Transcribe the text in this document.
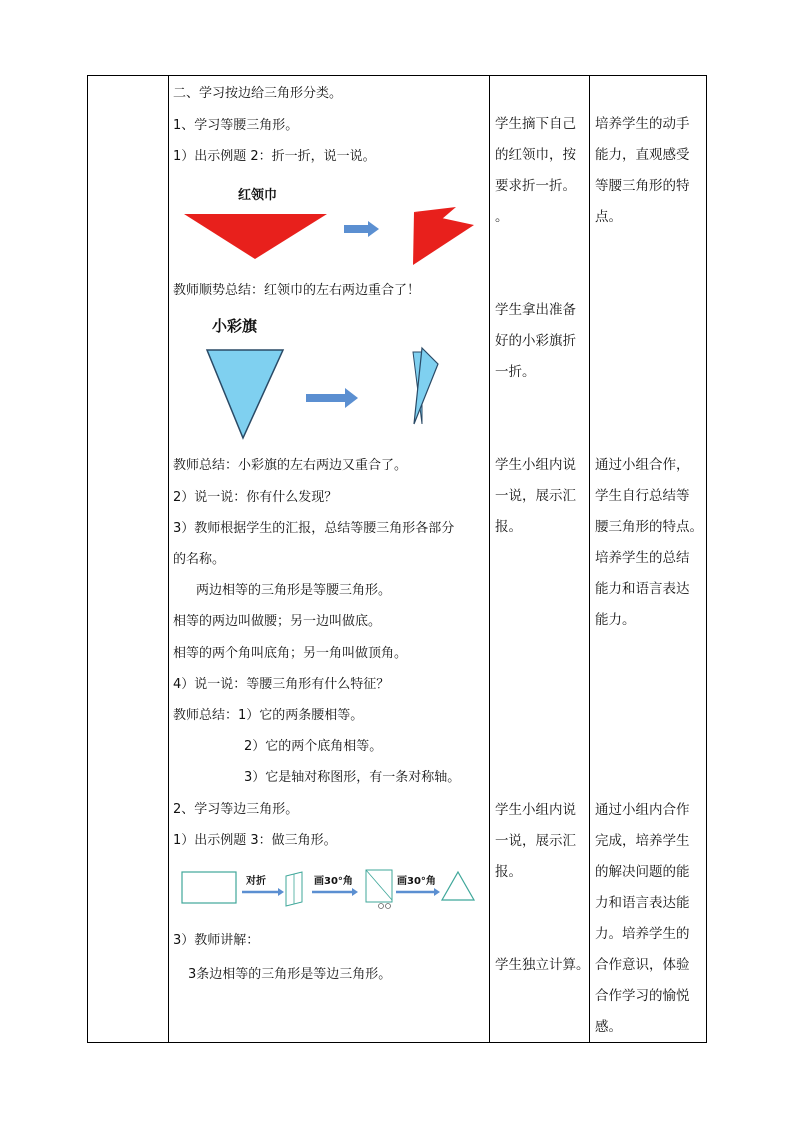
二、学习按边给三角形分类。
1、学习等腰三角形。
1）出示例题 2：折一折，说一说。
红领巾
教师顺势总结：红领巾的左右两边重合了！
小彩旗
教师总结：小彩旗的左右两边又重合了。
2）说一说：你有什么发现？
3）教师根据学生的汇报，总结等腰三角形各部分
的名称。
两边相等的三角形是等腰三角形。
相等的两边叫做腰；另一边叫做底。
相等的两个角叫底角；另一角叫做顶角。
4）说一说：等腰三角形有什么特征？
教师总结：1）它的两条腰相等。
2）它的两个底角相等。
3）它是轴对称图形，有一条对称轴。
2、学习等边三角形。
1）出示例题 3：做三角形。
对折	画30°角	画30°角
3）教师讲解：
3条边相等的三角形是等边三角形。
学生摘下自己
的红领巾，按
要求折一折。
。
学生拿出准备
好的小彩旗折
一折。
学生小组内说
一说，展示汇
报。
学生小组内说
一说，展示汇
报。
学生独立计算。
培养学生的动手
能力，直观感受
等腰三角形的特
点。
通过小组合作，
学生自行总结等
腰三角形的特点。
培养学生的总结
能力和语言表达
能力。
通过小组内合作
完成，培养学生
的解决问题的能
力和语言表达能
力。培养学生的
合作意识，体验
合作学习的愉悦
感。
